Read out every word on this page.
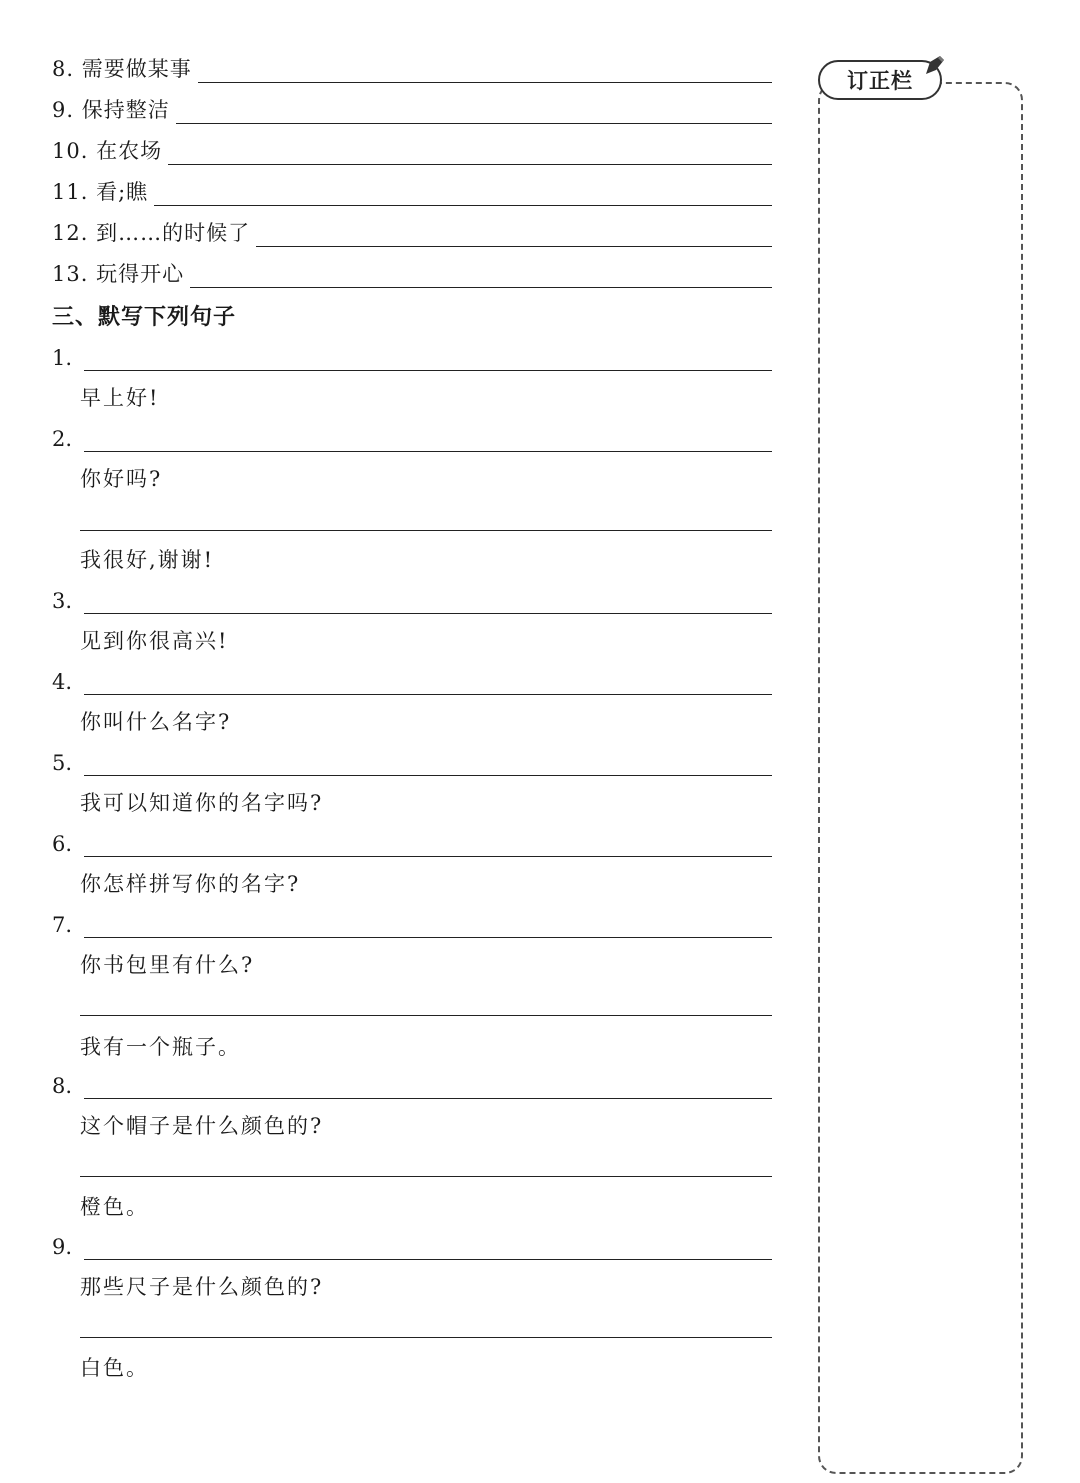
8. 需要做某事
9. 保持整洁
10. 在农场
11. 看;瞧
12. 到……的时候了
13. 玩得开心
三、默写下列句子
1.
早上好!
2.
你好吗?
我很好,谢谢!
3.
见到你很高兴!
4.
你叫什么名字?
5.
我可以知道你的名字吗?
6.
你怎样拼写你的名字?
7.
你书包里有什么?
我有一个瓶子。
8.
这个帽子是什么颜色的?
橙色。
9.
那些尺子是什么颜色的?
白色。
订正栏
